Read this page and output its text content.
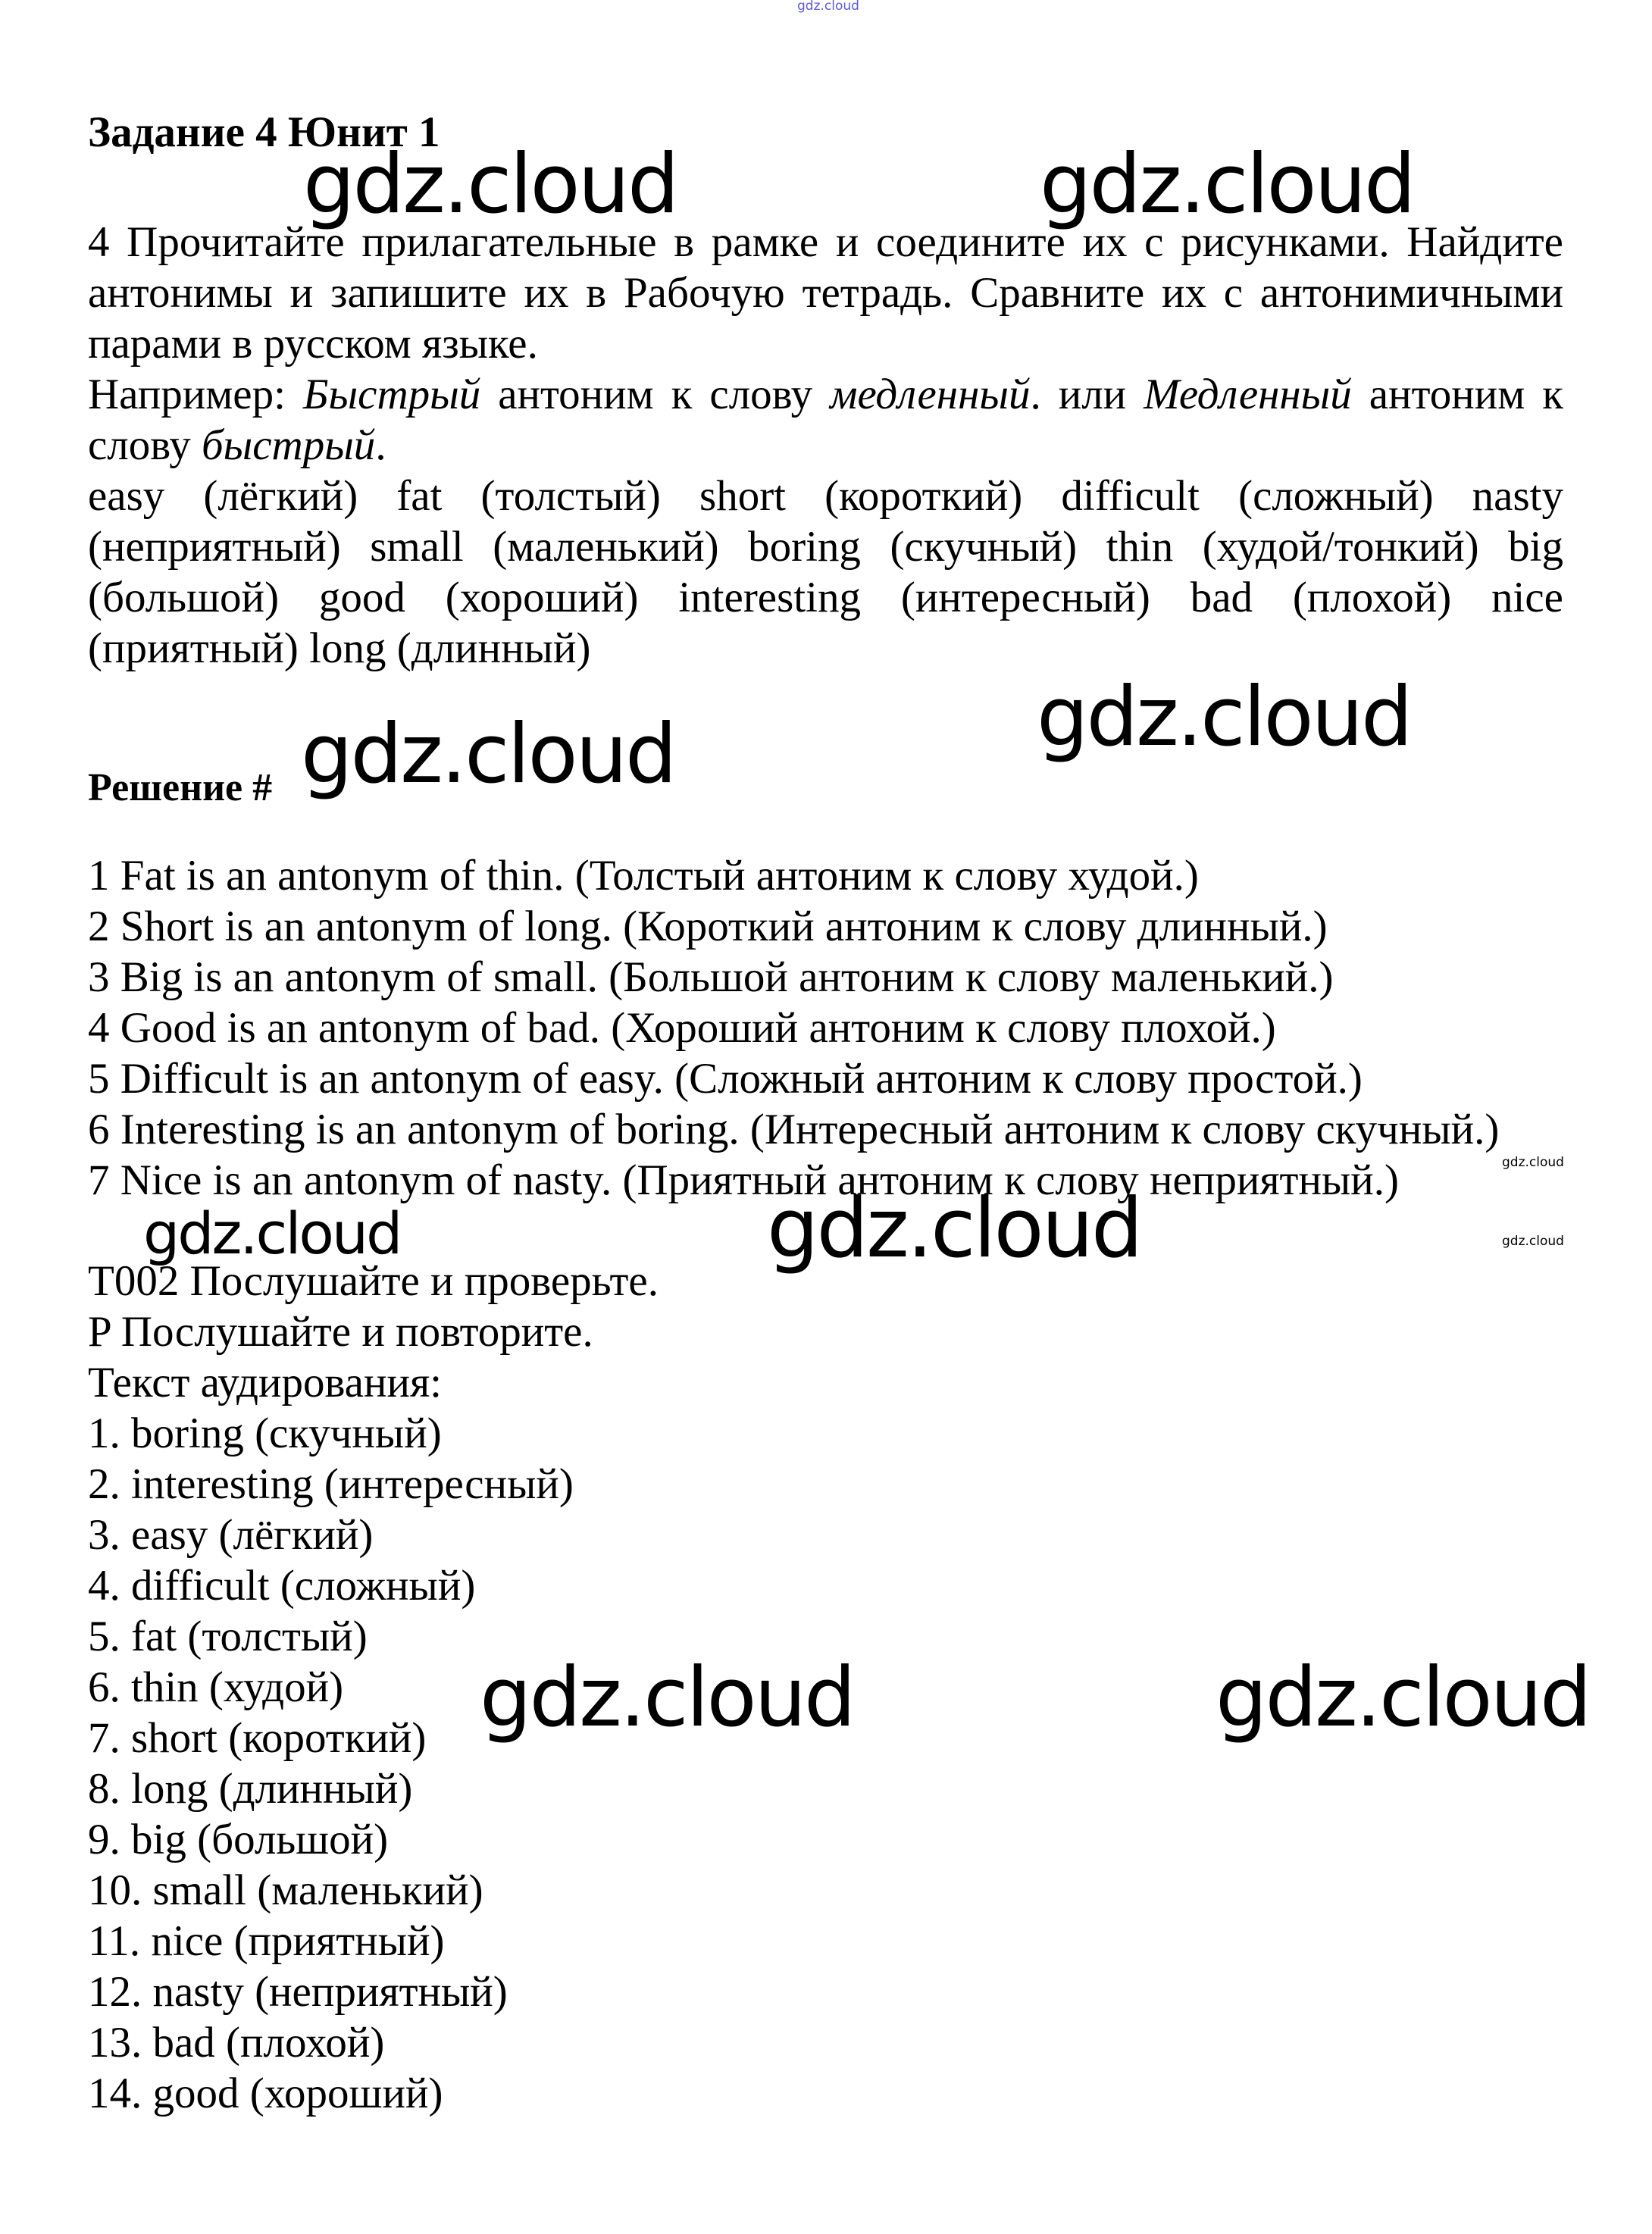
gdz.cloud
Задание 4 Юнит 1
4 Прочитайте прилагательные в рамке и соедините их с рисунками. Найдите
антонимы и запишите их в Рабочую тетрадь. Сравните их с антонимичными
парами в русском языке.
Например: Быстрый антоним к слову медленный. или Медленный антоним к
слову быстрый.
easy (лёгкий) fat (толстый) short (короткий) difficult (сложный) nasty
(неприятный) small (маленький) boring (скучный) thin (худой/тонкий) big
(большой) good (хороший) interesting (интересный) bad (плохой) nice
(приятный) long (длинный)
Решение #
1 Fat is an antonym of thin. (Толстый антоним к слову худой.)
2 Short is an antonym of long. (Короткий антоним к слову длинный.)
3 Big is an antonym of small. (Большой антоним к слову маленький.)
4 Good is an antonym of bad. (Хороший антоним к слову плохой.)
5 Difficult is an antonym of easy. (Сложный антоним к слову простой.)
6 Interesting is an antonym of boring. (Интересный антоним к слову скучный.)
7 Nice is an antonym of nasty. (Приятный антоним к слову неприятный.)
T002 Послушайте и проверьте.
P Послушайте и повторите.
Текст аудирования:
1. boring (скучный)
2. interesting (интересный)
3. easy (лёгкий)
4. difficult (сложный)
5. fat (толстый)
6. thin (худой)
7. short (короткий)
8. long (длинный)
9. big (большой)
10. small (маленький)
11. nice (приятный)
12. nasty (неприятный)
13. bad (плохой)
14. good (хороший)
gdz.cloud	gdz.cloud
gdz.cloud
gdz.cloud
gdz.cloud	gdz.cloud
gdz.cloud	gdz.cloud
gdz.cloud
gdz.cloud
